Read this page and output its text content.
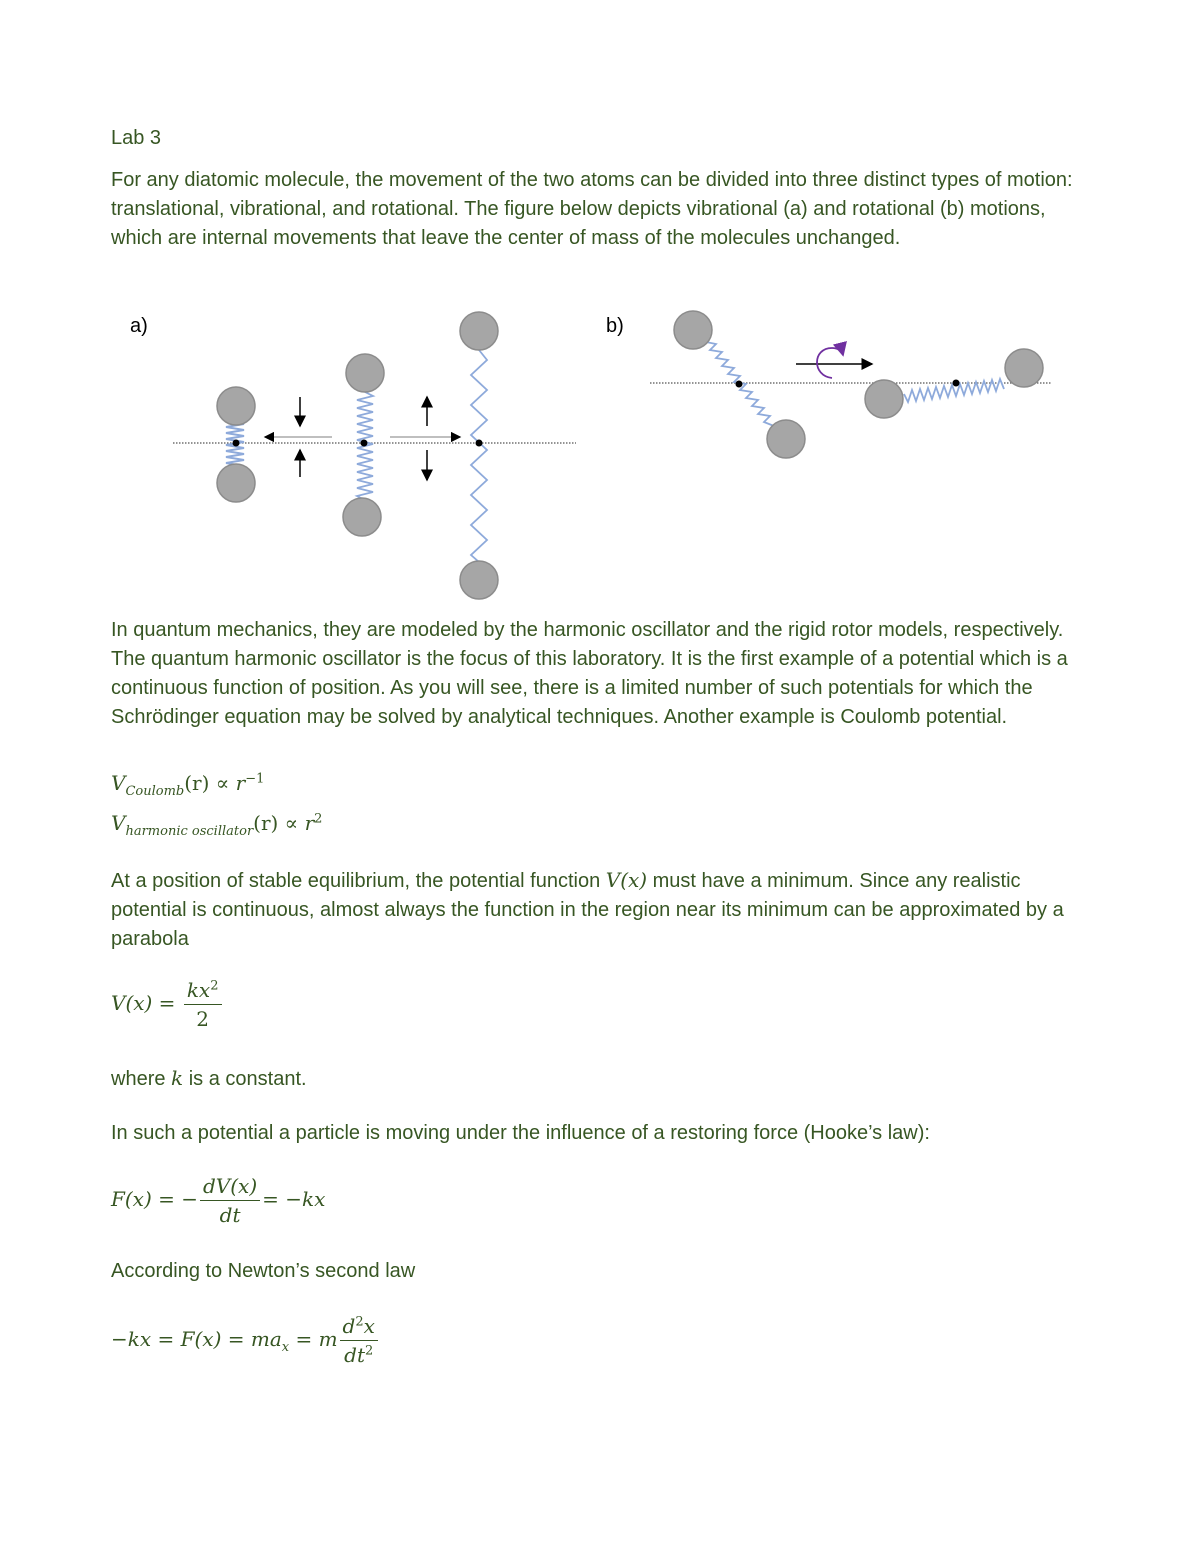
Lab 3
For any diatomic molecule, the movement of the two atoms can be divided into three distinct types of motion: translational, vibrational, and rotational. The figure below depicts vibrational (a) and rotational (b) motions, which are internal movements that leave the center of mass of the molecules unchanged.
a)	b)
In quantum mechanics, they are modeled by the harmonic oscillator and the rigid rotor models, respectively. The quantum harmonic oscillator is the focus of this laboratory. It is the first example of a potential which is a continuous function of position. As you will see, there is a limited number of such potentials for which the Schrödinger equation may be solved by analytical techniques. Another example is Coulomb potential.
$V_{Coulomb}(r) \propto r^{-1}$
$V_{harmonic oscillator}(r) \propto r^2$
At a position of stable equilibrium, the potential function V(x) must have a minimum. Since any realistic potential is continuous, almost always the function in the region near its minimum can be approximated by a parabola
$V(x) = \frac{kx^2}{2}$
where k is a constant.
In such a potential a particle is moving under the influence of a restoring force (Hooke’s law):
F(x) = − $\frac{dV(x)}{dt} = -kx$
According to Newton’s second law
$-kx = F(x) = ma_x = m \frac{d^2x}{dt^2}$
